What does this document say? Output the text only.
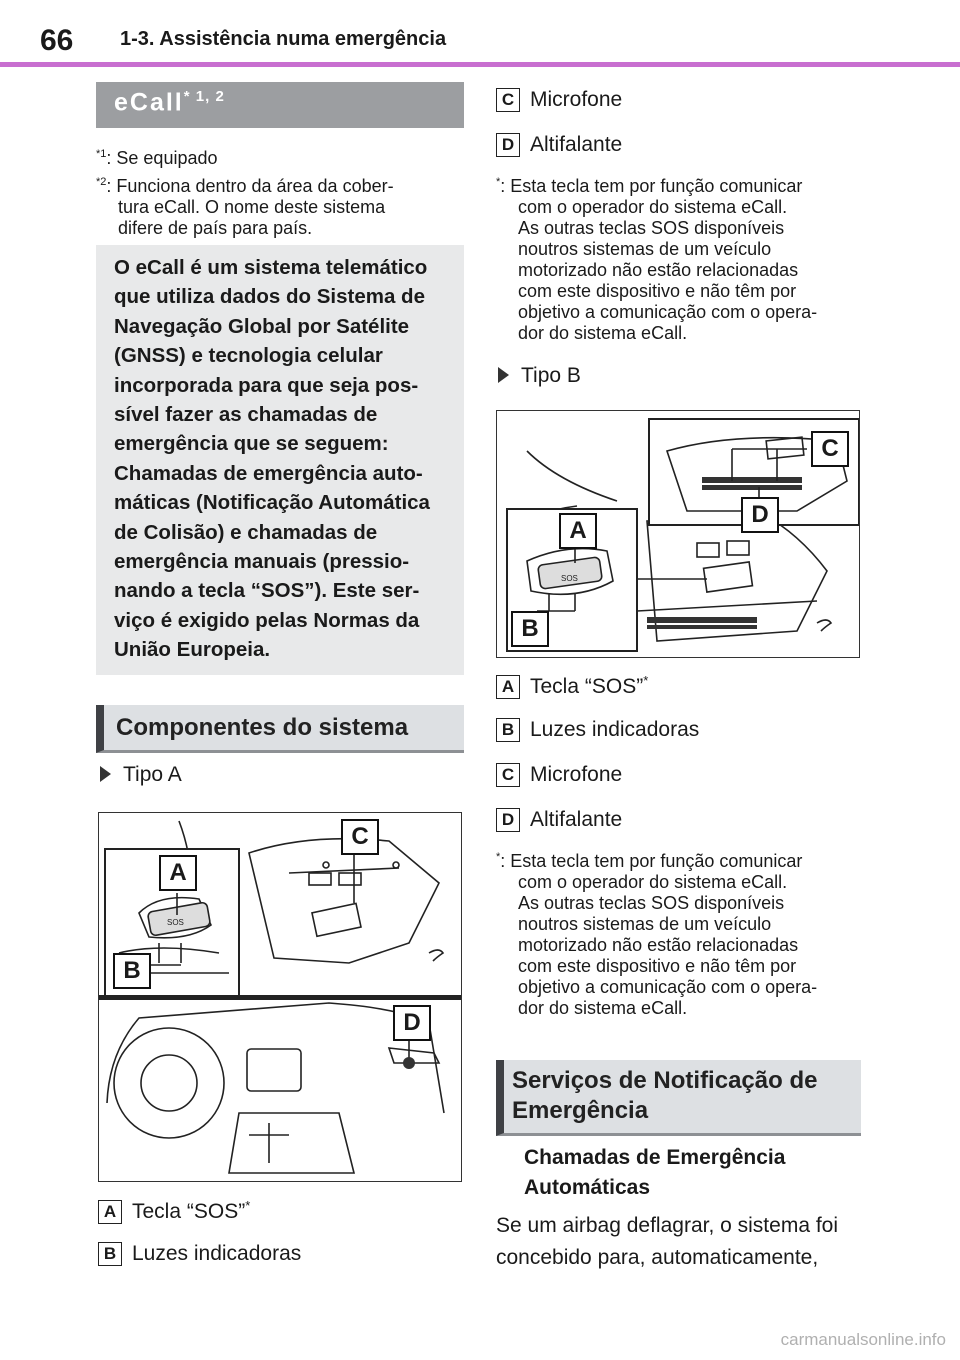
66 1-3. Assistência numa emergência
eCall$^{* 1, 2}$
$^{*1}$: Se equipado
$^{*2}$: Funciona dentro da área da cober-
tura eCall. O nome deste sistema
difere de país para país.

O eCall é um sistema telemático

que utiliza dados do Sistema de

Navegação Global por Satélite

(GNSS) e tecnologia celular

incorporada para que seja pos-

sível fazer as chamadas de

emergência que se seguem:

Chamadas de emergência auto-

máticas (Notificação Automática

de Colisão) e chamadas de

emergência manuais (pressio-

nando a tecla “SOS”). Este ser-

viço é exigido pelas Normas da

União Europeia.

Componentes do sistema
Tipo A
SOS
A
B
C
D
A Tecla “SOS”*
B Luzes indicadoras
C Microfone
D Altifalante
*: Esta tecla tem por função comunicar
com o operador do sistema eCall.
As outras teclas SOS disponíveis
noutros sistemas de um veículo
motorizado não estão relacionadas
com este dispositivo e não têm por
objetivo a comunicação com o opera-
dor do sistema eCall.
Tipo B
SOS
A
B
C
D
A Tecla “SOS”*
B Luzes indicadoras
C Microfone
D Altifalante
*: Esta tecla tem por função comunicar
com o operador do sistema eCall.
As outras teclas SOS disponíveis
noutros sistemas de um veículo
motorizado não estão relacionadas
com este dispositivo e não têm por
objetivo a comunicação com o opera-
dor do sistema eCall.
Serviços de Notificação de
Emergência
Chamadas de Emergência
Automáticas
Se um airbag deflagrar, o sistema foi
concebido para, automaticamente,
carmanualsonline.info
